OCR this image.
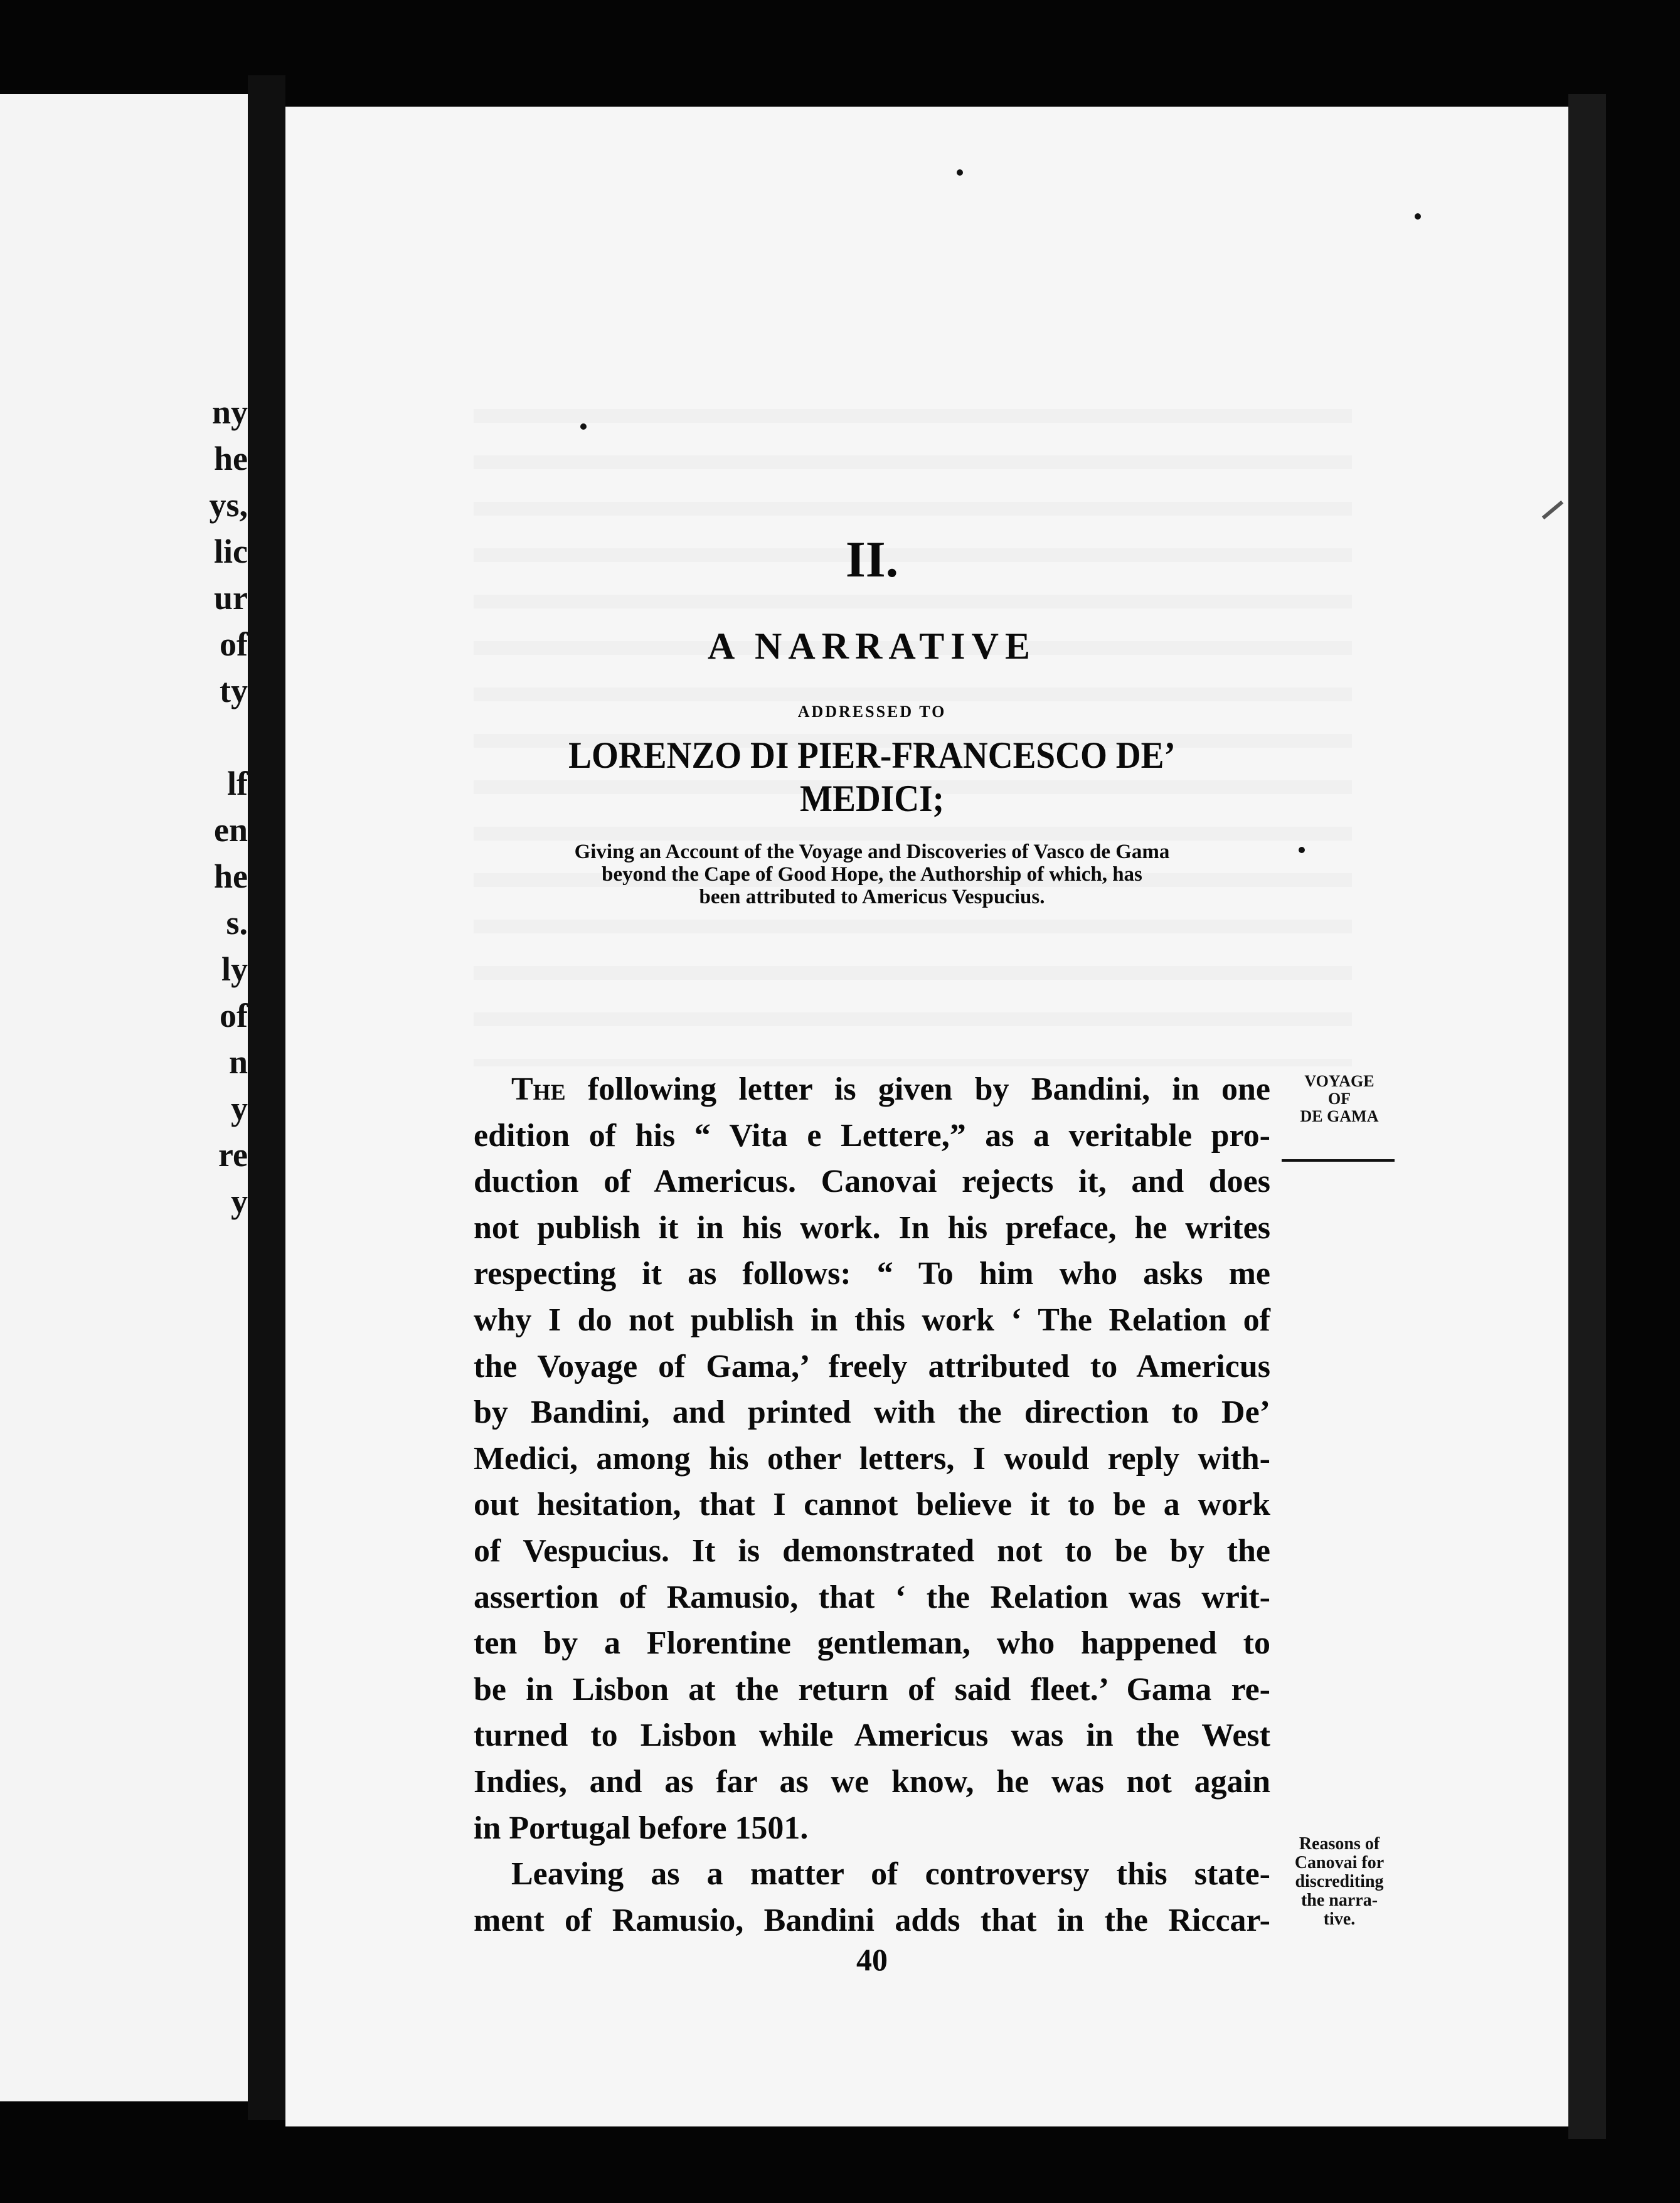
ny
he
ys,
lic
ur
of
ty
lf
en
he
s.
ly
of
n
y
re
y
II.
A NARRATIVE
ADDRESSED TO
LORENZO DI PIER-FRANCESCO DE’ MEDICI;
Giving an Account of the Voyage and Discoveries of Vasco de Gama
beyond the Cape of Good Hope, the Authorship of which, has
been attributed to Americus Vespucius.
The following letter is given by Bandini, in one
edition of his “ Vita e Lettere,” as a veritable pro-
duction of Americus. Canovai rejects it, and does
not publish it in his work. In his preface, he writes
respecting it as follows: “ To him who asks me
why I do not publish in this work ‘ The Relation of
the Voyage of Gama,’ freely attributed to Americus
by Bandini, and printed with the direction to De’
Medici, among his other letters, I would reply with-
out hesitation, that I cannot believe it to be a work
of Vespucius. It is demonstrated not to be by the
assertion of Ramusio, that ‘ the Relation was writ-
ten by a Florentine gentleman, who happened to
be in Lisbon at the return of said fleet.’ Gama re-
turned to Lisbon while Americus was in the West
Indies, and as far as we know, he was not again
in Portugal before 1501.
Leaving as a matter of controversy this state-
ment of Ramusio, Bandini adds that in the Riccar-
40
VOYAGE
OF
DE GAMA
Reasons of
Canovai for
discrediting
the narra-
tive.
